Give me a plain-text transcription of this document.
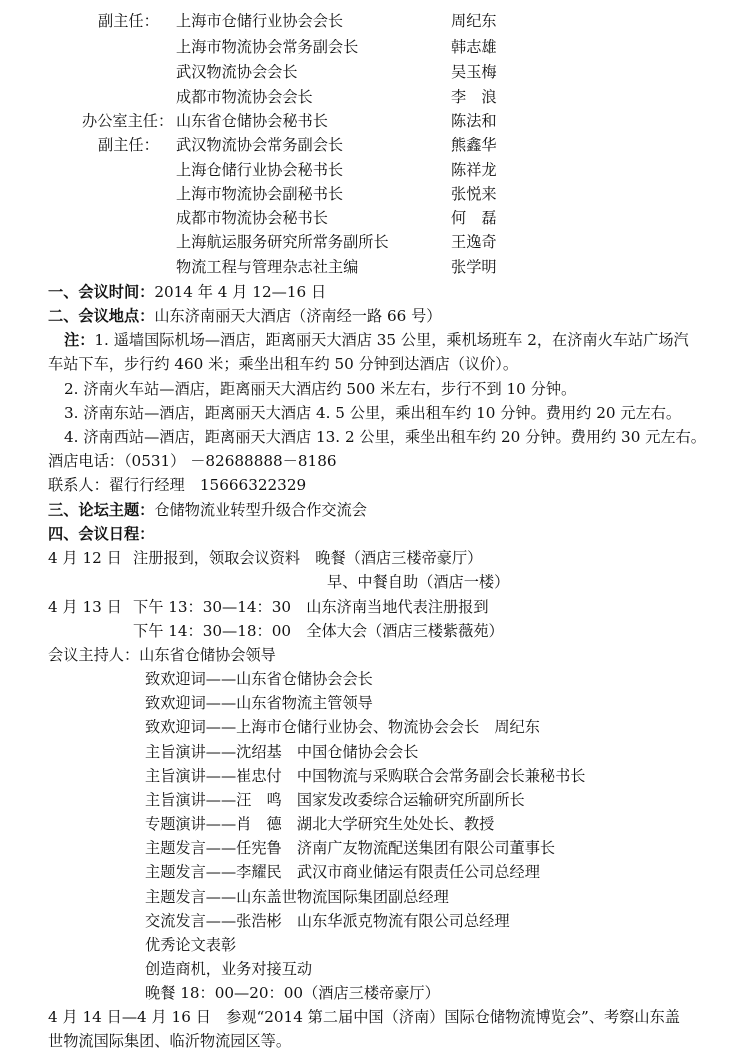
副主任： 上海市仓储行业协会会长	周纪东
上海市物流协会常务副会长	韩志雄
武汉物流协会会长	吴玉梅
成都市物流协会会长	李　浪
办公室主任： 山东省仓储协会秘书长	陈法和
副主任： 武汉物流协会常务副会长	熊鑫华
上海仓储行业协会秘书长	陈祥龙
上海市物流协会副秘书长	张悦来
成都市物流协会秘书长	何　磊
上海航运服务研究所常务副所长	王逸奇
物流工程与管理杂志社主编	张学明
一、会议时间：2014 年 4 月 12—16 日
二、会议地点：山东济南丽天大酒店（济南经一路 66 号）
注：1. 遥墙国际机场—酒店，距离丽天大酒店 35 公里，乘机场班车 2，在济南火车站广场汽
车站下车，步行约 460 米；乘坐出租车约 50 分钟到达酒店（议价）。
2. 济南火车站—酒店，距离丽天大酒店约 500 米左右，步行不到 10 分钟。
3. 济南东站—酒店，距离丽天大酒店 4. 5 公里，乘出租车约 10 分钟。费用约 20 元左右。
4. 济南西站—酒店，距离丽天大酒店 13. 2 公里，乘坐出租车约 20 分钟。费用约 30 元左右。
酒店电话：（0531） －82688888－8186
联系人：翟行行经理　15666322329
三、论坛主题：仓储物流业转型升级合作交流会
四、会议日程：
4 月 12 日 注册报到，领取会议资料　晚餐（酒店三楼帝豪厅）
早、中餐自助（酒店一楼）
4 月 13 日 下午 13：30—14：30　山东济南当地代表注册报到
下午 14：30—18：00　全体大会（酒店三楼紫薇苑）
会议主持人：山东省仓储协会领导
致欢迎词——山东省仓储协会会长
致欢迎词——山东省物流主管领导
致欢迎词——上海市仓储行业协会、物流协会会长　周纪东
主旨演讲——沈绍基　中国仓储协会会长
主旨演讲——崔忠付　中国物流与采购联合会常务副会长兼秘书长
主旨演讲——汪　鸣　国家发改委综合运输研究所副所长
专题演讲——肖　德　湖北大学研究生处处长、教授
主题发言——任宪鲁　济南广友物流配送集团有限公司董事长
主题发言——李耀民　武汉市商业储运有限责任公司总经理
主题发言——山东盖世物流国际集团副总经理
交流发言——张浩彬　山东华派克物流有限公司总经理
优秀论文表彰
创造商机，业务对接互动
晚餐 18：00—20：00（酒店三楼帝豪厅）
4 月 14 日—4 月 16 日　参观“2014 第二届中国（济南）国际仓储物流博览会”、考察山东盖
世物流国际集团、临沂物流园区等。
